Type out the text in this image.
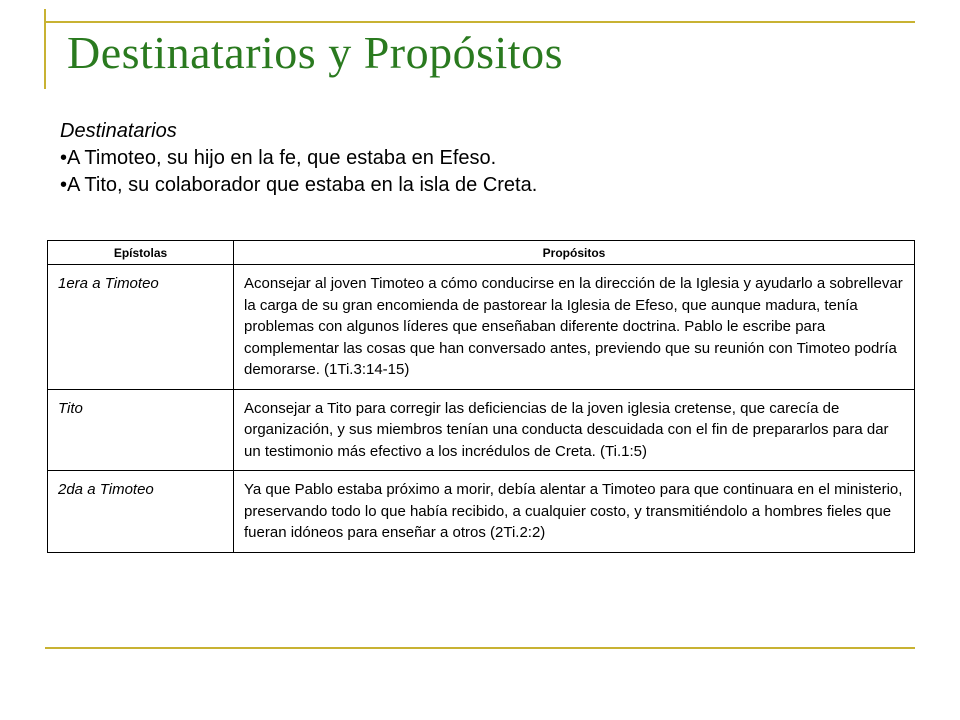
Destinatarios y Propósitos
Destinatarios
•A Timoteo, su hijo en la fe, que estaba en Efeso.
•A Tito, su colaborador que estaba en la isla de Creta.
Epístolas	Propósitos
1era a Timoteo	Aconsejar al joven Timoteo a cómo conducirse en la dirección de la Iglesia y ayudarlo a sobrellevar la carga de su gran encomienda de pastorear la Iglesia de Efeso, que aunque madura, tenía problemas con algunos líderes que enseñaban diferente doctrina. Pablo le escribe para complementar las cosas que han conversado antes, previendo que su reunión con Timoteo podría demorarse. (1Ti.3:14-15)
Tito	Aconsejar a Tito para corregir las deficiencias de la joven iglesia cretense, que carecía de organización, y sus miembros tenían una conducta descuidada con el fin de prepararlos para dar un testimonio más efectivo a los incrédulos de Creta. (Ti.1:5)
2da a Timoteo	Ya que Pablo estaba próximo a morir, debía alentar a Timoteo para que continuara en el ministerio, preservando todo lo que había recibido, a cualquier costo, y transmitiéndolo a hombres fieles que fueran idóneos para enseñar a otros (2Ti.2:2)
